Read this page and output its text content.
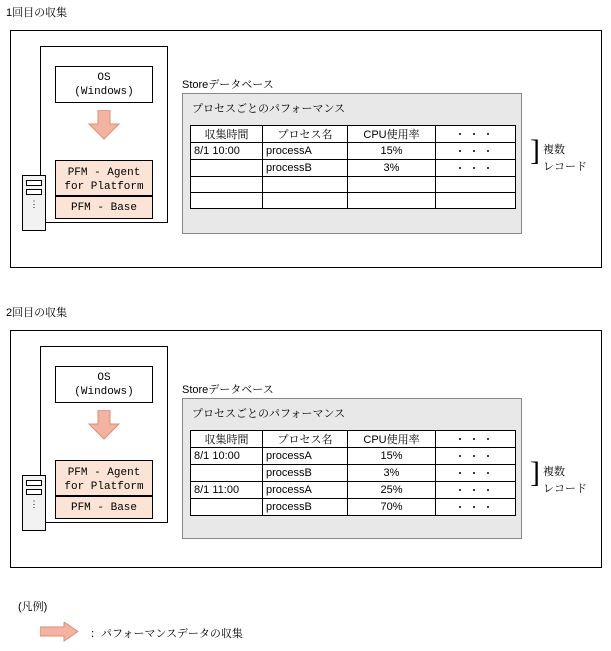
1回目の収集
OS
(Windows)
PFM - Agent
for Platform
PFM - Base
⋮
Storeデータベース
プロセスごとのパフォーマンス
収集時間	プロセス名	CPU使用率	・・・
8/1 10:00	processA	15%	・・・
	processB	3%	・・・

] 複数
レコード
2回目の収集
OS
(Windows)
PFM - Agent
for Platform
PFM - Base
⋮
Storeデータベース
プロセスごとのパフォーマンス
収集時間	プロセス名	CPU使用率	・・・
8/1 10:00	processA	15%	・・・
	processB	3%	・・・
8/1 11:00	processA	25%	・・・
	processB	70%	・・・
] 複数
レコード
(凡例)
：パフォーマンスデータの収集
